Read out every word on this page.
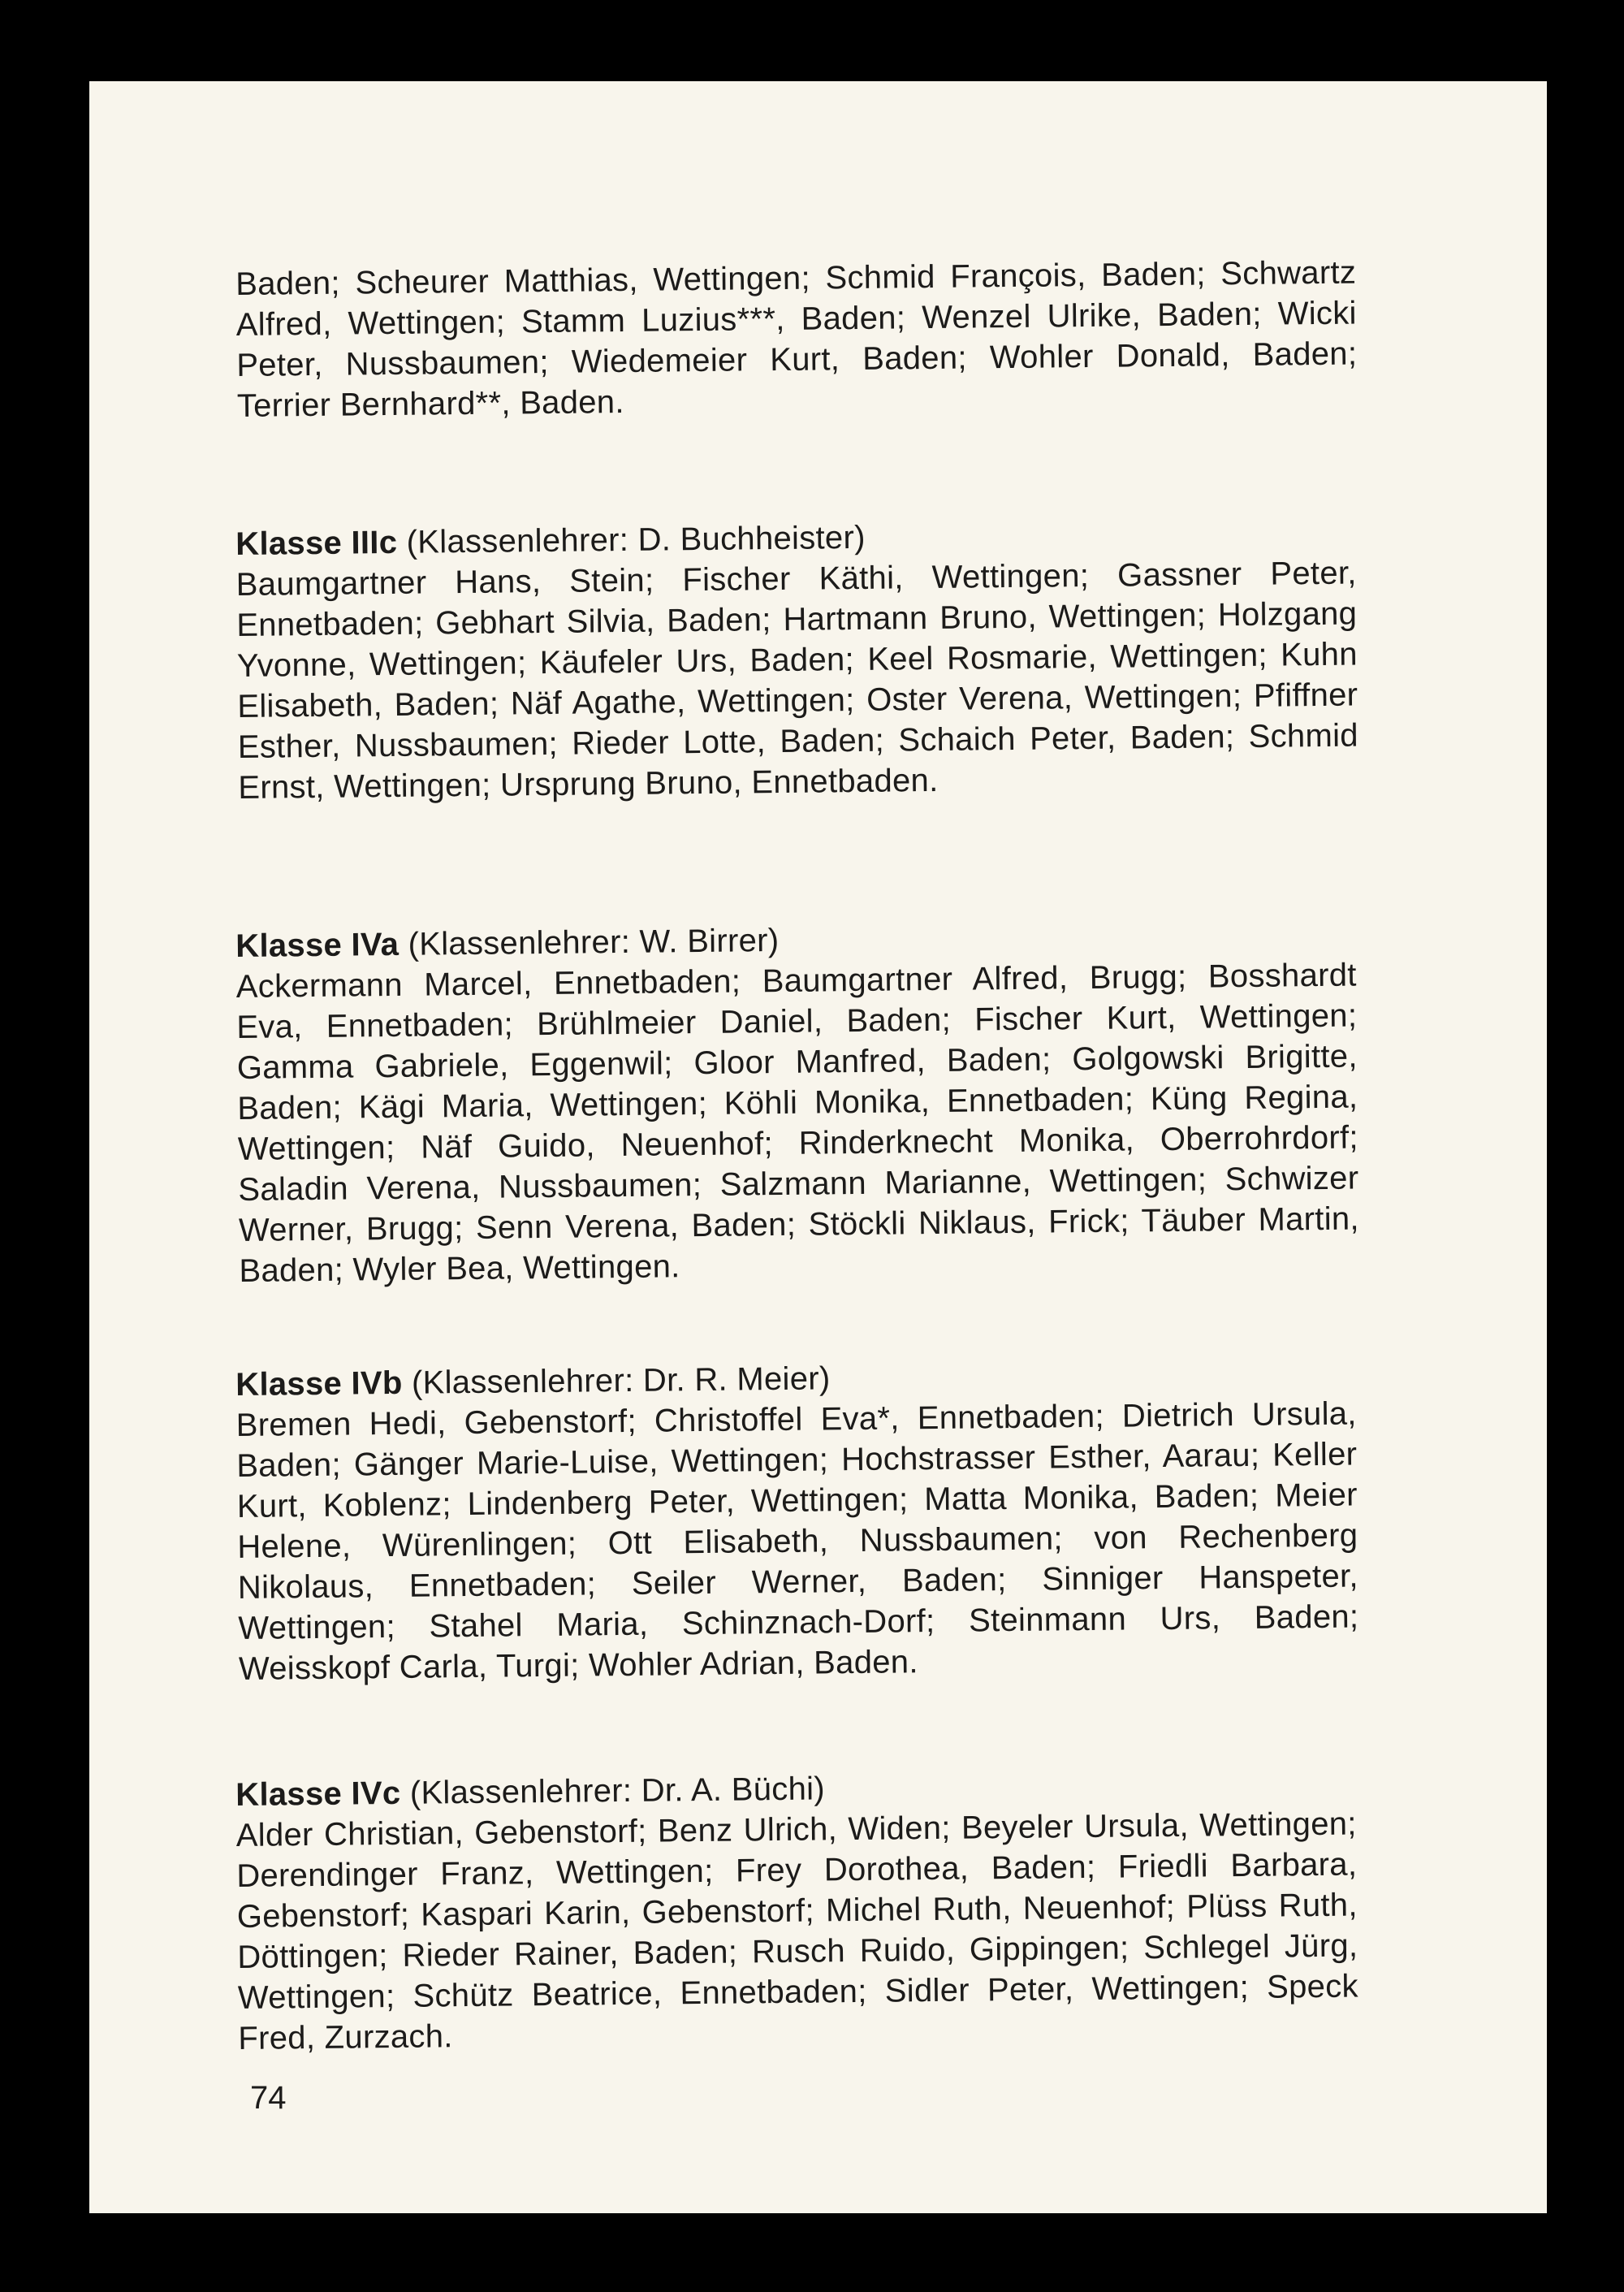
Baden; Scheurer Matthias, Wettingen; Schmid François, Baden; Schwartz Alfred, Wettingen; Stamm Luzius***, Baden; Wenzel Ulrike, Baden; Wicki Peter, Nussbaumen; Wiedemeier Kurt, Baden; Wohler Donald, Baden; Terrier Bernhard**, Baden.
Klasse IIIc (Klassenlehrer: D. Buchheister)
Baumgartner Hans, Stein; Fischer Käthi, Wettingen; Gassner Peter, Ennetbaden; Gebhart Silvia, Baden; Hartmann Bruno, Wettingen; Holzgang Yvonne, Wettingen; Käufeler Urs, Baden; Keel Rosmarie, Wettingen; Kuhn Elisabeth, Baden; Näf Agathe, Wettingen; Oster Verena, Wettingen; Pfiffner Esther, Nussbaumen; Rieder Lotte, Baden; Schaich Peter, Baden; Schmid Ernst, Wettingen; Ursprung Bruno, Ennetbaden.
Klasse IVa (Klassenlehrer: W. Birrer)
Ackermann Marcel, Ennetbaden; Baumgartner Alfred, Brugg; Bosshardt Eva, Ennetbaden; Brühlmeier Daniel, Baden; Fischer Kurt, Wettingen; Gamma Gabriele, Eggenwil; Gloor Manfred, Baden; Golgowski Brigitte, Baden; Kägi Maria, Wettingen; Köhli Monika, Ennetbaden; Küng Regina, Wettingen; Näf Guido, Neuenhof; Rinderknecht Monika, Oberrohrdorf; Saladin Verena, Nussbaumen; Salzmann Marianne, Wettingen; Schwizer Werner, Brugg; Senn Verena, Baden; Stöckli Niklaus, Frick; Täuber Martin, Baden; Wyler Bea, Wettingen.
Klasse IVb (Klassenlehrer: Dr. R. Meier)
Bremen Hedi, Gebenstorf; Christoffel Eva*, Ennetbaden; Dietrich Ursula, Baden; Gänger Marie-Luise, Wettingen; Hochstrasser Esther, Aarau; Keller Kurt, Koblenz; Lindenberg Peter, Wettingen; Matta Monika, Baden; Meier Helene, Würenlingen; Ott Elisabeth, Nussbaumen; von Rechenberg Nikolaus, Ennetbaden; Seiler Werner, Baden; Sinniger Hanspeter, Wettingen; Stahel Maria, Schinznach-Dorf; Steinmann Urs, Baden; Weisskopf Carla, Turgi; Wohler Adrian, Baden.
Klasse IVc (Klassenlehrer: Dr. A. Büchi)
Alder Christian, Gebenstorf; Benz Ulrich, Widen; Beyeler Ursula, Wettingen; Derendinger Franz, Wettingen; Frey Dorothea, Baden; Friedli Barbara, Gebenstorf; Kaspari Karin, Gebenstorf; Michel Ruth, Neuenhof; Plüss Ruth, Döttingen; Rieder Rainer, Baden; Rusch Ruido, Gippingen; Schlegel Jürg, Wettingen; Schütz Beatrice, Ennetbaden; Sidler Peter, Wettingen; Speck Fred, Zurzach.
74
